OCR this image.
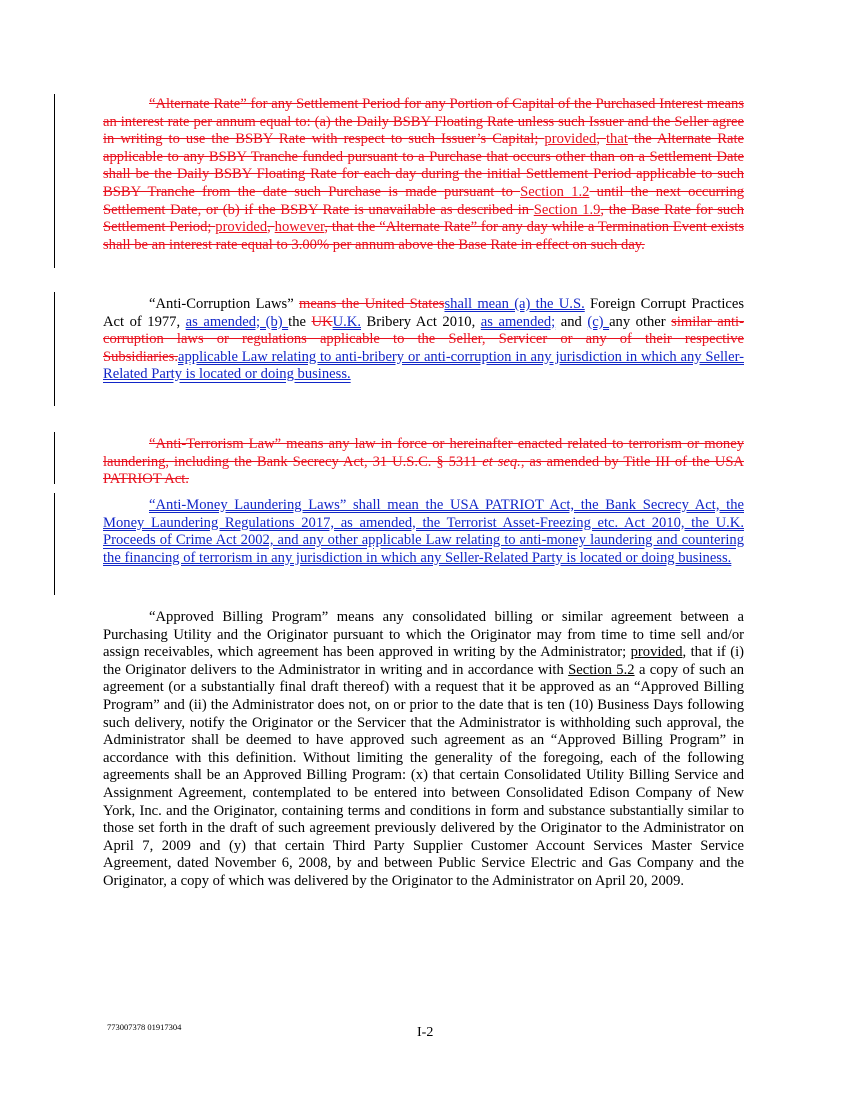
“Alternate Rate” for any Settlement Period for any Portion of Capital of the Purchased Interest means an interest rate per annum equal to: (a) the Daily BSBY Floating Rate unless such Issuer and the Seller agree in writing to use the BSBY Rate with respect to such Issuer’s Capital; provided, that the Alternate Rate applicable to any BSBY Tranche funded pursuant to a Purchase that occurs other than on a Settlement Date shall be the Daily BSBY Floating Rate for each day during the initial Settlement Period applicable to such BSBY Tranche from the date such Purchase is made pursuant to Section 1.2 until the next occurring Settlement Date, or (b) if the BSBY Rate is unavailable as described in Section 1.9, the Base Rate for such Settlement Period; provided, however, that the “Alternate Rate” for any day while a Termination Event exists shall be an interest rate equal to 3.00% per annum above the Base Rate in effect on such day.

“Anti-Corruption Laws” means the United Statesshall mean (a) the U.S. Foreign Corrupt Practices Act of 1977, as amended; (b) the UKU.K. Bribery Act 2010, as amended; and (c) any other similar anti-corruption laws or regulations applicable to the Seller, Servicer or any of their respective Subsidiaries.applicable Law relating to anti-bribery or anti-corruption in any jurisdiction in which any Seller-Related Party is located or doing business.

“Anti-Terrorism Law” means any law in force or hereinafter enacted related to terrorism or money laundering, including the Bank Secrecy Act, 31 U.S.C. § 5311 et seq., as amended by Title III of the USA PATRIOT Act.

“Anti-Money Laundering Laws” shall mean the USA PATRIOT Act, the Bank Secrecy Act, the Money Laundering Regulations 2017, as amended, the Terrorist Asset-Freezing etc. Act 2010, the U.K. Proceeds of Crime Act 2002, and any other applicable Law relating to anti-money laundering and countering the financing of terrorism in any jurisdiction in which any Seller-Related Party is located or doing business.

“Approved Billing Program” means any consolidated billing or similar agreement between a Purchasing Utility and the Originator pursuant to which the Originator may from time to time sell and/or assign receivables, which agreement has been approved in writing by the Administrator; provided, that if (i) the Originator delivers to the Administrator in writing and in accordance with Section 5.2 a copy of such an agreement (or a substantially final draft thereof) with a request that it be approved as an “Approved Billing Program” and (ii) the Administrator does not, on or prior to the date that is ten (10) Business Days following such delivery, notify the Originator or the Servicer that the Administrator is withholding such approval, the Administrator shall be deemed to have approved such agreement as an “Approved Billing Program” in accordance with this definition. Without limiting the generality of the foregoing, each of the following agreements shall be an Approved Billing Program: (x) that certain Consolidated Utility Billing Service and Assignment Agreement, contemplated to be entered into between Consolidated Edison Company of New York, Inc. and the Originator, containing terms and conditions in form and substance substantially similar to those set forth in the draft of such agreement previously delivered by the Originator to the Administrator on April 7, 2009 and (y) that certain Third Party Supplier Customer Account Services Master Service Agreement, dated November 6, 2008, by and between Public Service Electric and Gas Company and the Originator, a copy of which was delivered by the Originator to the Administrator on April 20, 2009.

773007378 01917304	I-2
